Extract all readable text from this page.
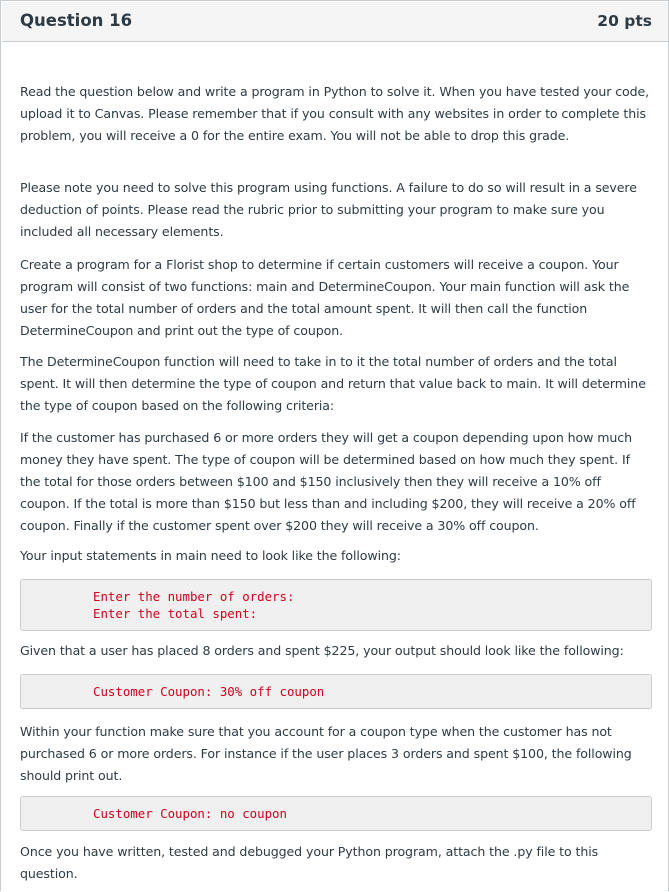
Question 16	20 pts

Read the question below and write a program in Python to solve it. When you have tested your code, upload it to Canvas. Please remember that if you consult with any websites in order to complete this problem, you will receive a 0 for the entire exam. You will not be able to drop this grade.

Please note you need to solve this program using functions. A failure to do so will result in a severe deduction of points. Please read the rubric prior to submitting your program to make sure you included all necessary elements.

Create a program for a Florist shop to determine if certain customers will receive a coupon. Your program will consist of two functions: main and DetermineCoupon. Your main function will ask the user for the total number of orders and the total amount spent. It will then call the function DetermineCoupon and print out the type of coupon.

The DetermineCoupon function will need to take in to it the total number of orders and the total spent. It will then determine the type of coupon and return that value back to main. It will determine the type of coupon based on the following criteria:

If the customer has purchased 6 or more orders they will get a coupon depending upon how much money they have spent. The type of coupon will be determined based on how much they spent. If the total for those orders between $100 and $150 inclusively then they will receive a 10% off coupon. If the total is more than $150 but less than and including $200, they will receive a 20% off coupon. Finally if the customer spent over $200 they will receive a 30% off coupon.

Your input statements in main need to look like the following:

Enter the number of orders:
Enter the total spent:

Given that a user has placed 8 orders and spent $225, your output should look like the following:

Customer Coupon: 30% off coupon

Within your function make sure that you account for a coupon type when the customer has not purchased 6 or more orders. For instance if the user places 3 orders and spent $100, the following should print out.

Customer Coupon: no coupon

Once you have written, tested and debugged your Python program, attach the .py file to this question.
